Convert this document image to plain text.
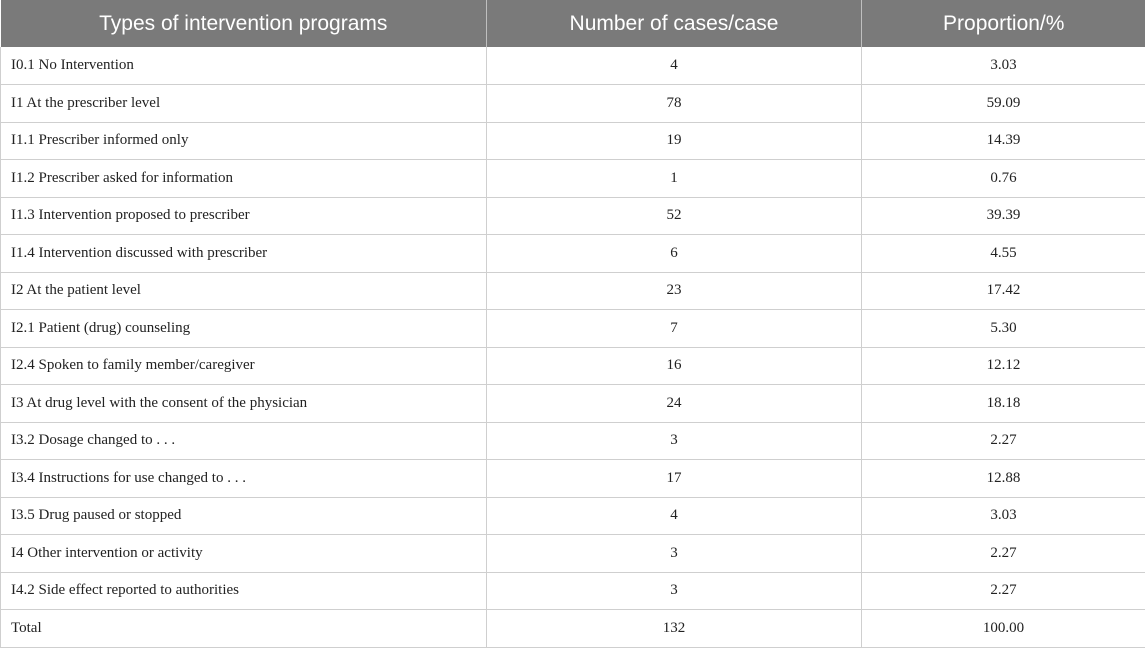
Types of intervention programs	Number of cases/case	Proportion/%
I0.1 No Intervention	4	3.03
I1 At the prescriber level	78	59.09
I1.1 Prescriber informed only	19	14.39
I1.2 Prescriber asked for information	1	0.76
I1.3 Intervention proposed to prescriber	52	39.39
I1.4 Intervention discussed with prescriber	6	4.55
I2 At the patient level	23	17.42
I2.1 Patient (drug) counseling	7	5.30
I2.4 Spoken to family member/caregiver	16	12.12
I3 At drug level with the consent of the physician	24	18.18
I3.2 Dosage changed to . . .	3	2.27
I3.4 Instructions for use changed to . . .	17	12.88
I3.5 Drug paused or stopped	4	3.03
I4 Other intervention or activity	3	2.27
I4.2 Side effect reported to authorities	3	2.27
Total	132	100.00
